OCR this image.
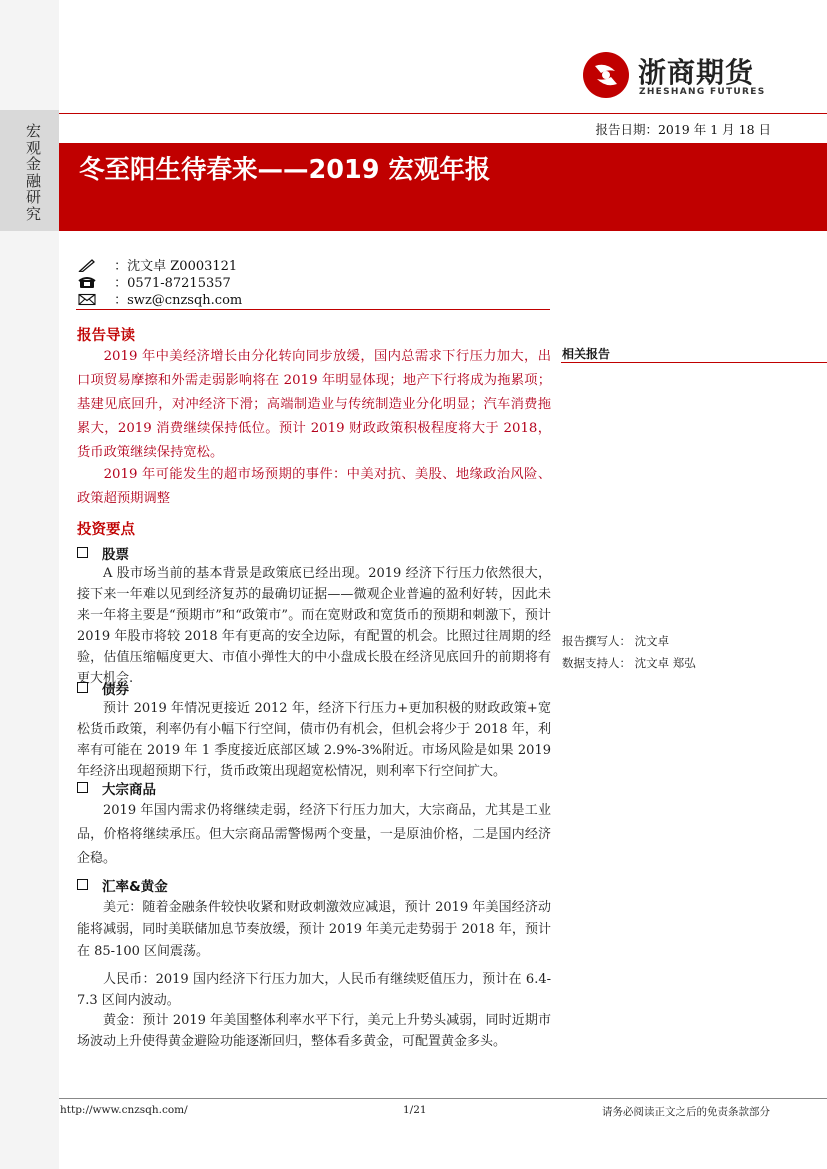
宏观金融研究
浙商期货
ZHESHANG FUTURES
报告日期：2019 年 1 月 18 日
冬至阳生待春来——2019 宏观年报
：沈文卓 Z0003121
：0571-87215357
：swz@cnzsqh.com
报告导读

2019 年中美经济增长由分化转向同步放缓，国内总需求下行压力加大，出口项贸易摩擦和外需走弱影响将在 2019 年明显体现；地产下行将成为拖累项；基建见底回升，对冲经济下滑；高端制造业与传统制造业分化明显；汽车消费拖累大，2019 消费继续保持低位。预计 2019 财政政策积极程度将大于 2018，货币政策继续保持宽松。

2019 年可能发生的超市场预期的事件：中美对抗、美股、地缘政治风险、政策超预期调整

投资要点
股票

A 股市场当前的基本背景是政策底已经出现。2019 经济下行压力依然很大，接下来一年难以见到经济复苏的最确切证据——微观企业普遍的盈利好转，因此未来一年将主要是“预期市”和“政策市”。而在宽财政和宽货币的预期和刺激下，预计 2019 年股市将较 2018 年有更高的安全边际，有配置的机会。比照过往周期的经验，估值压缩幅度更大、市值小弹性大的中小盘成长股在经济见底回升的前期将有更大机会.

债券

预计 2019 年情况更接近 2012 年，经济下行压力+更加积极的财政政策+宽松货币政策，利率仍有小幅下行空间，债市仍有机会，但机会将少于 2018 年，利率有可能在 2019 年 1 季度接近底部区域 2.9%-3%附近。市场风险是如果 2019 年经济出现超预期下行，货币政策出现超宽松情况，则利率下行空间扩大。

大宗商品

2019 年国内需求仍将继续走弱，经济下行压力加大，大宗商品，尤其是工业品，价格将继续承压。但大宗商品需警惕两个变量，一是原油价格，二是国内经济企稳。

汇率&黄金

美元：随着金融条件较快收紧和财政刺激效应减退，预计 2019 年美国经济动能将减弱，同时美联储加息节奏放缓，预计 2019 年美元走势弱于 2018 年，预计在 85-100 区间震荡。

人民币：2019 国内经济下行压力加大，人民币有继续贬值压力，预计在 6.4-7.3 区间内波动。

黄金：预计 2019 年美国整体利率水平下行，美元上升势头减弱，同时近期市场波动上升使得黄金避险功能逐渐回归，整体看多黄金，可配置黄金多头。

相关报告
报告撰写人： 沈文卓
数据支持人： 沈文卓 郑弘
http://www.cnzsqh.com/	1/21	请务必阅读正文之后的免责条款部分
